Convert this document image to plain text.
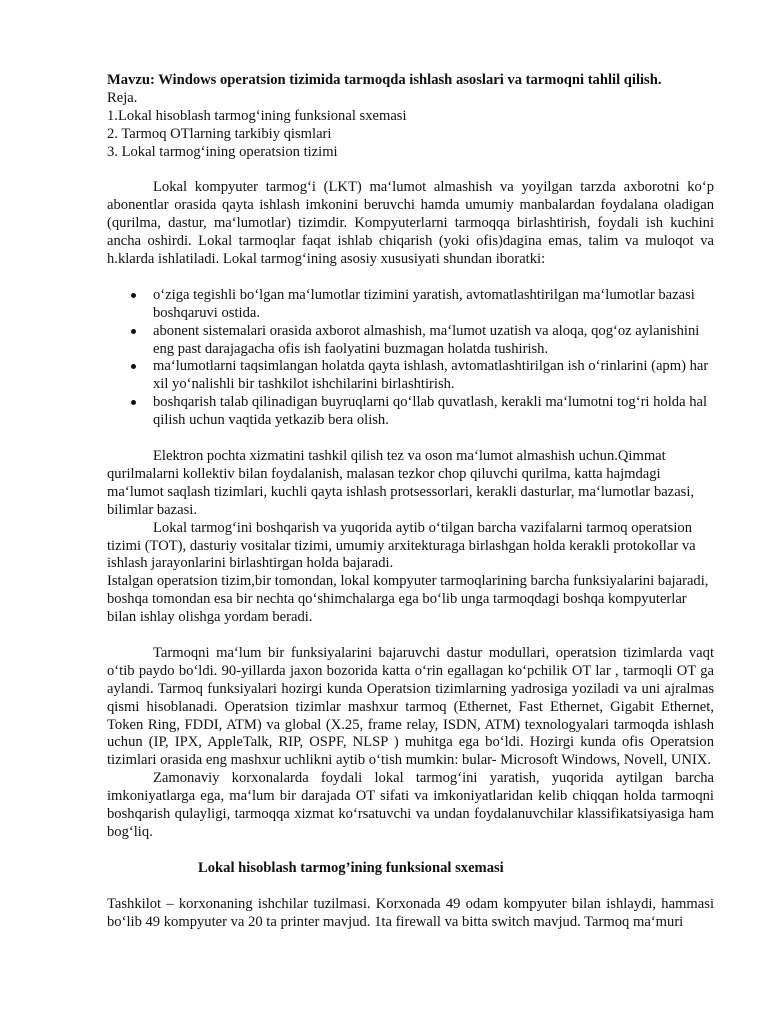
Mavzu: Windows operatsion tizimida tarmoqda ishlash asoslari va tarmoqni tahlil qilish.

Reja.

1.Lokal hisoblash tarmog‘ining funksional sxemasi

2. Tarmoq OTlarning tarkibiy qismlari

3. Lokal tarmog‘ining operatsion tizimi

Lokal kompyuter tarmog‘i (LKT) ma‘lumot almashish va yoyilgan tarzda axborotni ko‘p abonentlar orasida qayta ishlash imkonini beruvchi hamda umumiy manbalardan foydalana oladigan (qurilma, dastur, ma‘lumotlar) tizimdir. Kompyuterlarni tarmoqqa birlashtirish, foydali ish kuchini ancha oshirdi. Lokal tarmoqlar faqat ishlab chiqarish (yoki ofis)dagina emas, talim va muloqot va h.klarda ishlatiladi. Lokal tarmog‘ining asosiy xususiyati shundan iboratki:

o‘ziga tegishli bo‘lgan ma‘lumotlar tizimini yaratish, avtomatlashtirilgan ma‘lumotlar bazasi boshqaruvi ostida.
abonent sistemalari orasida axborot almashish, ma‘lumot uzatish va aloqa, qog‘oz aylanishini eng past darajagacha ofis ish faolyatini buzmagan holatda tushirish.
ma‘lumotlarni taqsimlangan holatda qayta ishlash, avtomatlashtirilgan ish o‘rinlarini (apm) har xil yo‘nalishli bir tashkilot ishchilarini birlashtirish.
boshqarish talab qilinadigan buyruqlarni qo‘llab quvatlash, kerakli ma‘lumotni tog‘ri holda hal qilish uchun vaqtida yetkazib bera olish.

Elektron pochta xizmatini tashkil qilish tez va oson ma‘lumot almashish uchun.Qimmat qurilmalarni kollektiv bilan foydalanish, malasan tezkor chop qiluvchi qurilma, katta hajmdagi ma‘lumot saqlash tizimlari, kuchli qayta ishlash protsessorlari, kerakli dasturlar, ma‘lumotlar bazasi, bilimlar bazasi.

Lokal tarmog‘ini boshqarish va yuqorida aytib o‘tilgan barcha vazifalarni tarmoq operatsion tizimi (TOT), dasturiy vositalar tizimi, umumiy arxitekturaga birlashgan holda kerakli protokollar va ishlash jarayonlarini birlashtirgan holda bajaradi.

Istalgan operatsion tizim,bir tomondan, lokal kompyuter tarmoqlarining barcha funksiyalarini bajaradi, boshqa tomondan esa bir nechta qo‘shimchalarga ega bo‘lib unga tarmoqdagi boshqa kompyuterlar bilan ishlay olishga yordam beradi.

Tarmoqni ma‘lum bir funksiyalarini bajaruvchi dastur modullari, operatsion tizimlarda vaqt o‘tib paydo bo‘ldi. 90-yillarda jaxon bozorida katta o‘rin egallagan ko‘pchilik OT lar , tarmoqli OT ga aylandi. Tarmoq funksiyalari hozirgi kunda Operatsion tizimlarning yadrosiga yoziladi va uni ajralmas qismi hisoblanadi. Operatsion tizimlar mashxur tarmoq (Ethernet, Fast Ethernet, Gigabit Ethernet, Token Ring, FDDI, ATM) va global (X.25, frame relay, ISDN, ATM) texnologyalari tarmoqda ishlash uchun (IP, IPX, AppleTalk, RIP, OSPF, NLSP ) muhitga ega bo‘ldi. Hozirgi kunda ofis Operatsion tizimlari orasida eng mashxur uchlikni aytib o‘tish mumkin: bular- Microsoft Windows, Novell, UNIX.

Zamonaviy korxonalarda foydali lokal tarmog‘ini yaratish, yuqorida aytilgan barcha imkoniyatlarga ega, ma‘lum bir darajada OT sifati va imkoniyatlaridan kelib chiqqan holda tarmoqni boshqarish qulayligi, tarmoqqa xizmat ko‘rsatuvchi va undan foydalanuvchilar klassifikatsiyasiga ham bog‘liq.

Lokal hisoblash tarmog’ining funksional sxemasi

Tashkilot – korxonaning ishchilar tuzilmasi. Korxonada 49 odam kompyuter bilan ishlaydi, hammasi bo‘lib 49 kompyuter va 20 ta printer mavjud. 1ta firewall va bitta switch mavjud. Tarmoq ma‘muri
